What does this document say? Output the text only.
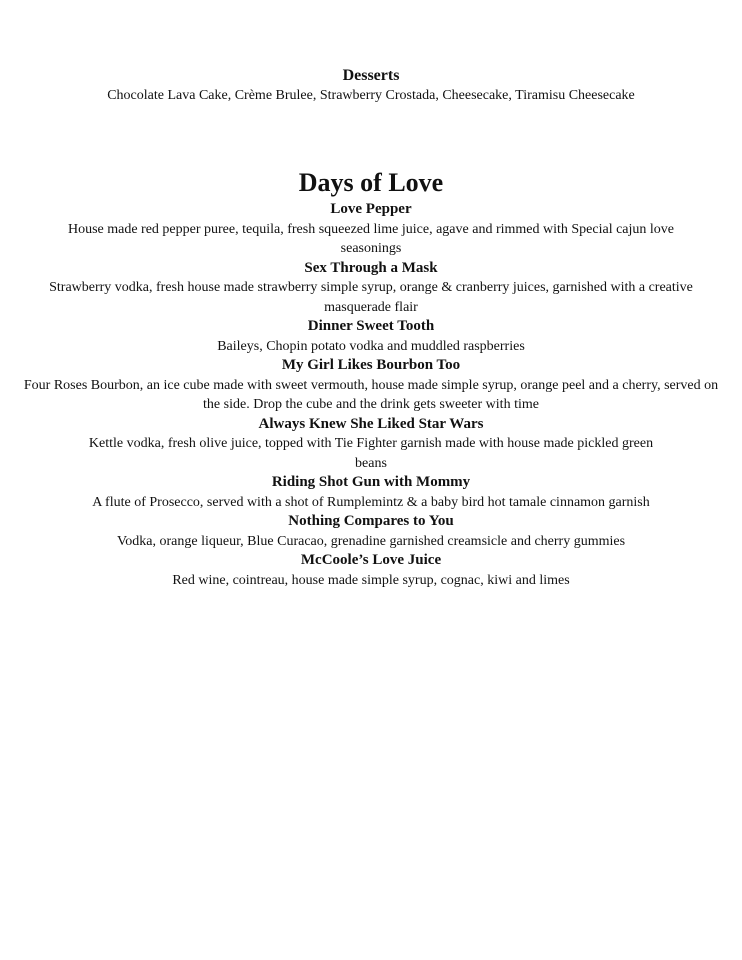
Desserts

Chocolate Lava Cake, Crème Brulee, Strawberry Crostada, Cheesecake, Tiramisu Cheesecake

Days of Love

Love Pepper

House made red pepper puree, tequila, fresh squeezed lime juice, agave and rimmed with Special cajun love seasonings

Sex Through a Mask

Strawberry vodka, fresh house made strawberry simple syrup, orange & cranberry juices, garnished with a creative masquerade flair

Dinner Sweet Tooth

Baileys, Chopin potato vodka and muddled raspberries

My Girl Likes Bourbon Too

Four Roses Bourbon, an ice cube made with sweet vermouth, house made simple syrup, orange peel and a cherry, served on the side. Drop the cube and the drink gets sweeter with time

Always Knew She Liked Star Wars

Kettle vodka, fresh olive juice, topped with Tie Fighter garnish made with house made pickled green beans

Riding Shot Gun with Mommy

A flute of Prosecco, served with a shot of Rumplemintz & a baby bird hot tamale cinnamon garnish

Nothing Compares to You

Vodka, orange liqueur, Blue Curacao, grenadine garnished creamsicle and cherry gummies

McCoole’s Love Juice

Red wine, cointreau, house made simple syrup, cognac, kiwi and limes
